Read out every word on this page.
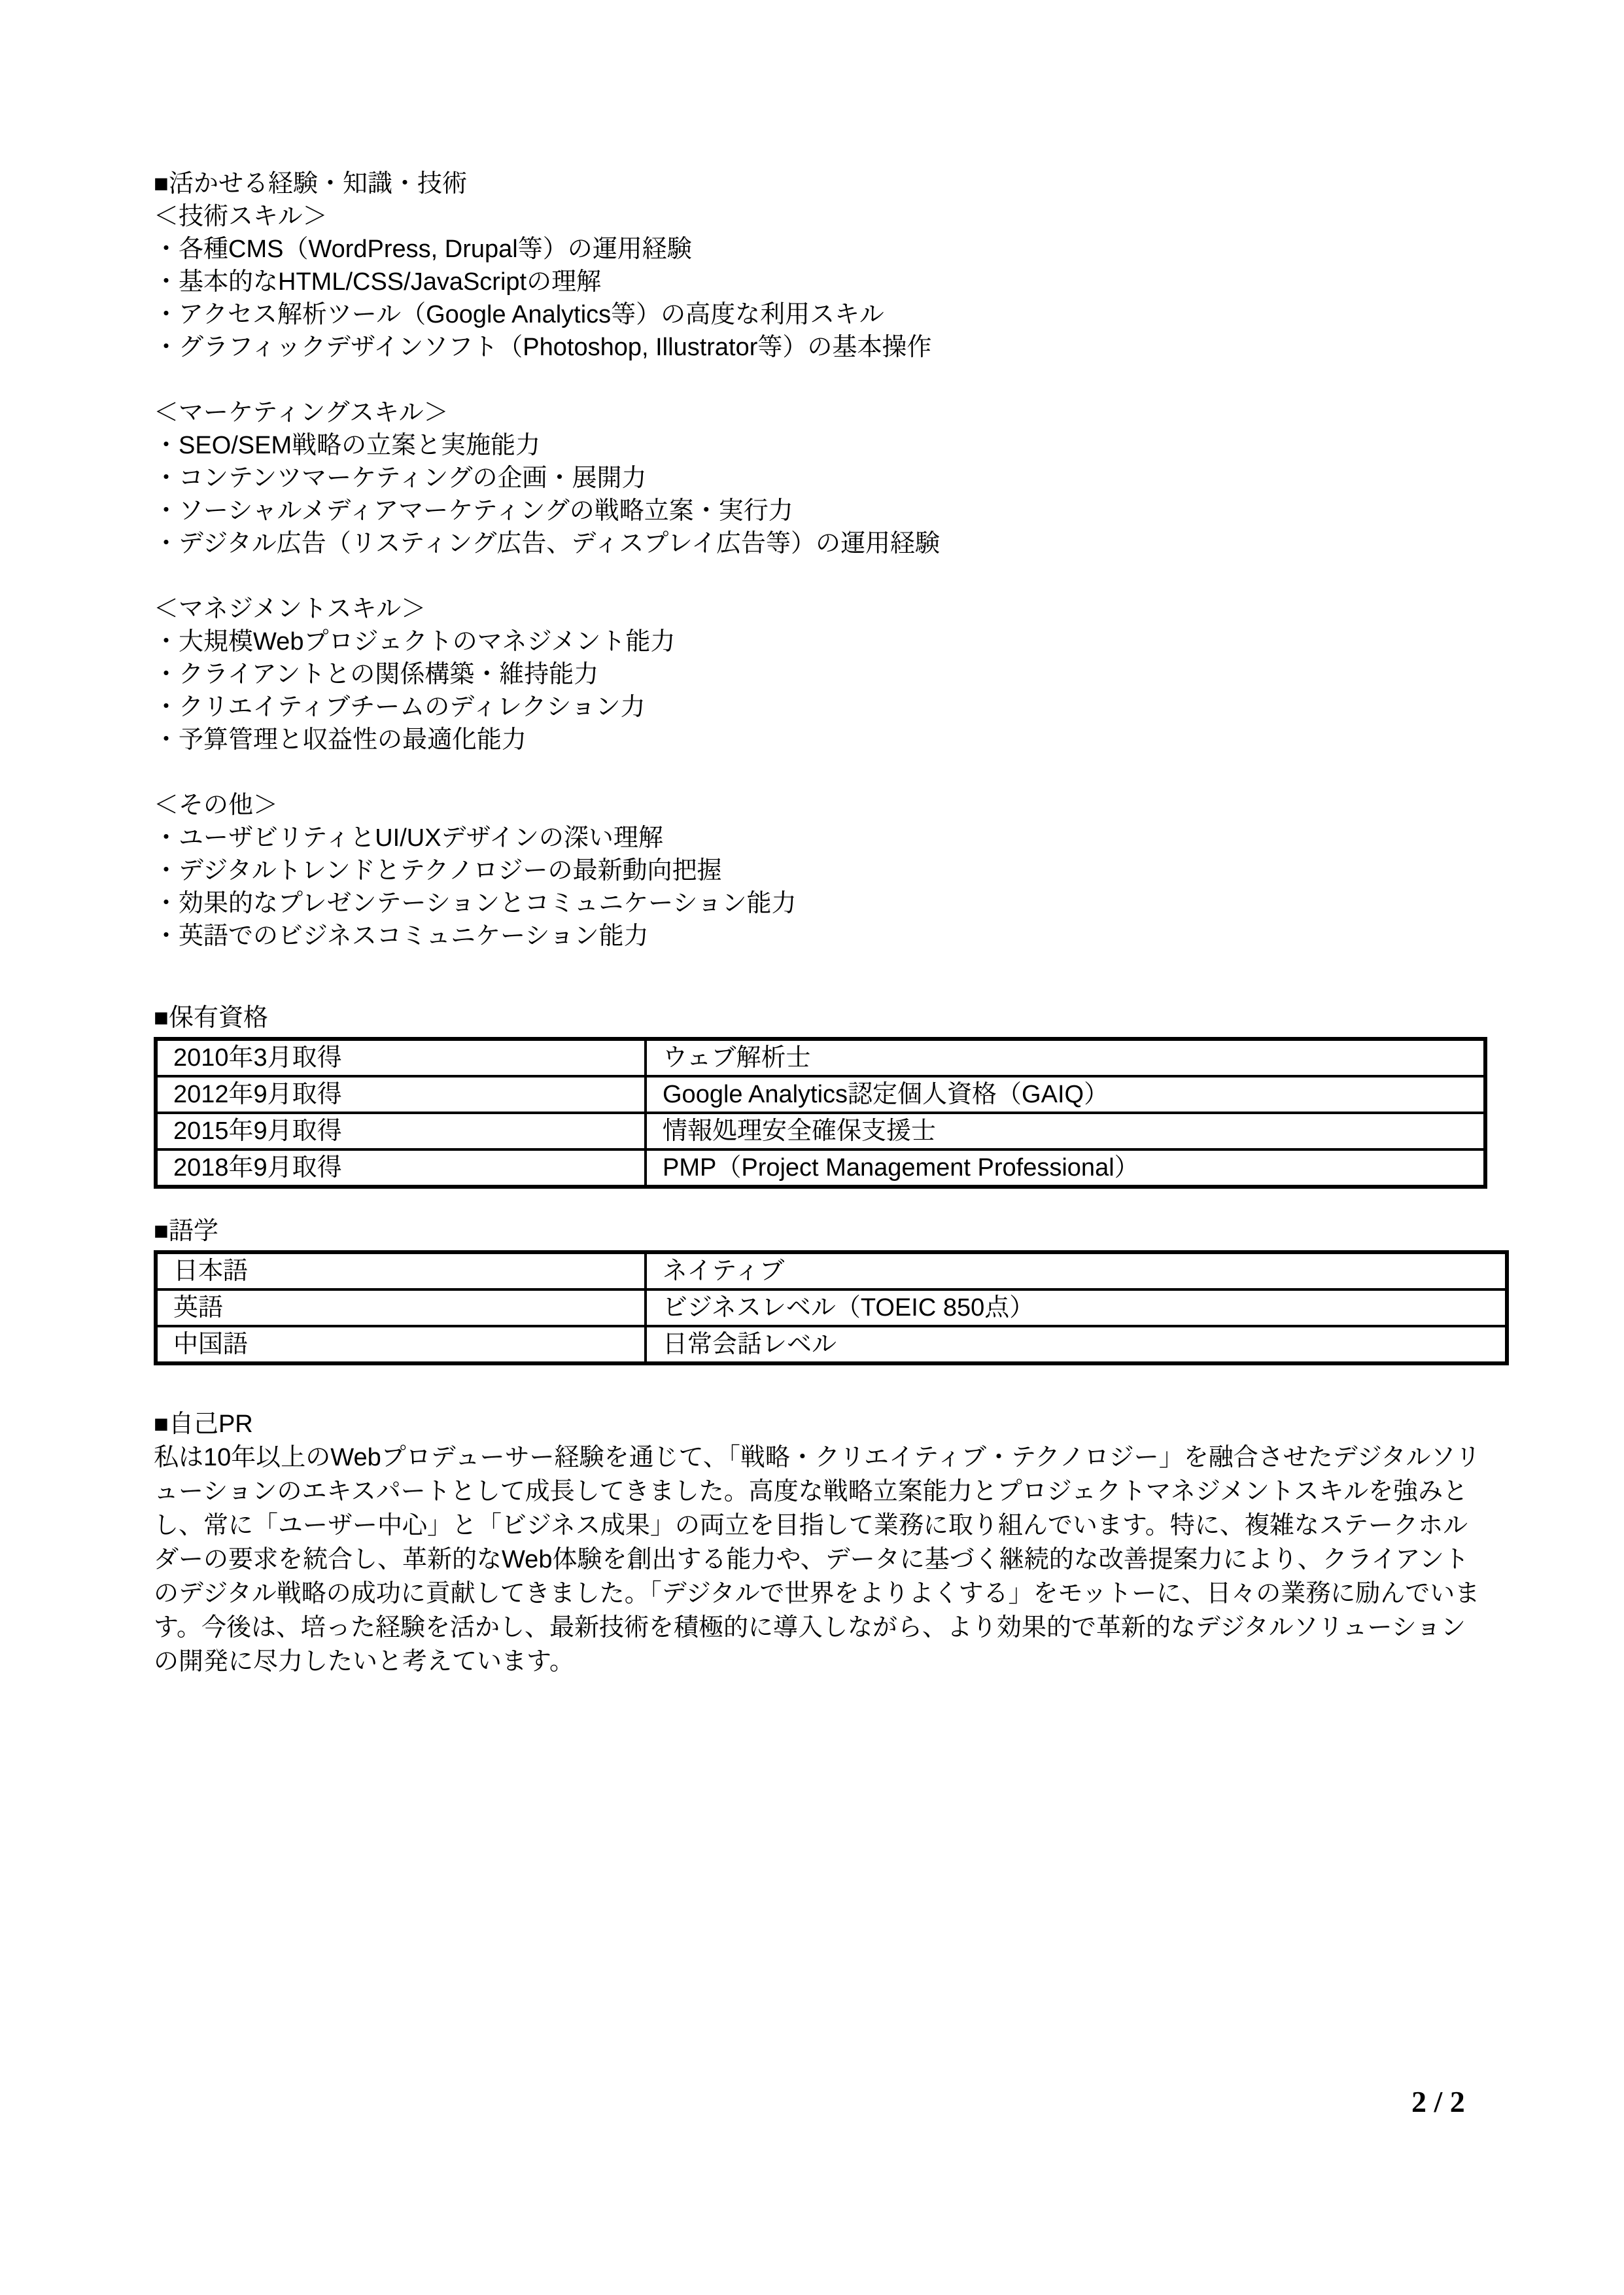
■活かせる経験・知識・技術
＜技術スキル＞
・各種CMS（WordPress, Drupal等）の運用経験
・基本的なHTML/CSS/JavaScriptの理解
・アクセス解析ツール（Google Analytics等）の高度な利用スキル
・グラフィックデザインソフト（Photoshop, Illustrator等）の基本操作
＜マーケティングスキル＞
・SEO/SEM戦略の立案と実施能力
・コンテンツマーケティングの企画・展開力
・ソーシャルメディアマーケティングの戦略立案・実行力
・デジタル広告（リスティング広告、ディスプレイ広告等）の運用経験
＜マネジメントスキル＞
・大規模Webプロジェクトのマネジメント能力
・クライアントとの関係構築・維持能力
・クリエイティブチームのディレクション力
・予算管理と収益性の最適化能力
＜その他＞
・ユーザビリティとUI/UXデザインの深い理解
・デジタルトレンドとテクノロジーの最新動向把握
・効果的なプレゼンテーションとコミュニケーション能力
・英語でのビジネスコミュニケーション能力
■保有資格
2010年3月取得	ウェブ解析士
2012年9月取得	Google Analytics認定個人資格（GAIQ）
2015年9月取得	情報処理安全確保支援士
2018年9月取得	PMP（Project Management Professional）
■語学
日本語	ネイティブ
英語	ビジネスレベル（TOEIC 850点）
中国語	日常会話レベル
■自己PR
私は10年以上のWebプロデューサー経験を通じて、「戦略・クリエイティブ・テクノロジー」を融合させたデジタルソリューションのエキスパートとして成長してきました。高度な戦略立案能力とプロジェクトマネジメントスキルを強みとし、常に「ユーザー中心」と「ビジネス成果」の両立を目指して業務に取り組んでいます。特に、複雑なステークホルダーの要求を統合し、革新的なWeb体験を創出する能力や、データに基づく継続的な改善提案力により、クライアントのデジタル戦略の成功に貢献してきました。「デジタルで世界をよりよくする」をモットーに、日々の業務に励んでいます。今後は、培った経験を活かし、最新技術を積極的に導入しながら、より効果的で革新的なデジタルソリューションの開発に尽力したいと考えています。
2 / 2
